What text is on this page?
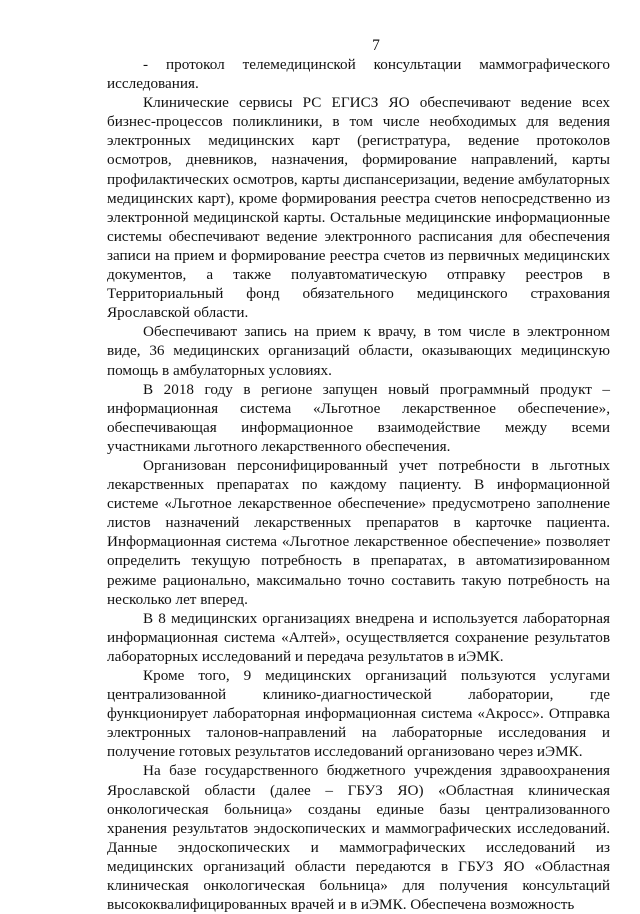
7

- протокол телемедицинской консультации маммографического исследования.

Клинические сервисы РС ЕГИСЗ ЯО обеспечивают ведение всех бизнес-процессов поликлиники, в том числе необходимых для ведения электронных медицинских карт (регистратура, ведение протоколов осмотров, дневников, назначения, формирование направлений, карты профилактических осмотров, карты диспансеризации, ведение амбулаторных медицинских карт), кроме формирования реестра счетов непосредственно из электронной медицинской карты. Остальные медицинские информационные системы обеспечивают ведение электронного расписания для обеспечения записи на прием и формирование реестра счетов из первичных медицинских документов, а также полуавтоматическую отправку реестров в Территориальный фонд обязательного медицинского страхования Ярославской области.

Обеспечивают запись на прием к врачу, в том числе в электронном виде, 36 медицинских организаций области, оказывающих медицинскую помощь в амбулаторных условиях.

В 2018 году в регионе запущен новый программный продукт – информационная система «Льготное лекарственное обеспечение», обеспечивающая информационное взаимодействие между всеми участниками льготного лекарственного обеспечения.

Организован персонифицированный учет потребности в льготных лекарственных препаратах по каждому пациенту. В информационной системе «Льготное лекарственное обеспечение» предусмотрено заполнение листов назначений лекарственных препаратов в карточке пациента. Информационная система «Льготное лекарственное обеспечение» позволяет определить текущую потребность в препаратах, в автоматизированном режиме рационально, максимально точно составить такую потребность на несколько лет вперед.

В 8 медицинских организациях внедрена и используется лабораторная информационная система «Алтей», осуществляется сохранение результатов лабораторных исследований и передача результатов в иЭМК.

Кроме того, 9 медицинских организаций пользуются услугами централизованной клинико-диагностической лаборатории, где функционирует лабораторная информационная система «Акросс». Отправка электронных талонов-направлений на лабораторные исследования и получение готовых результатов исследований организовано через иЭМК.

На базе государственного бюджетного учреждения здравоохранения Ярославской области (далее – ГБУЗ ЯО) «Областная клиническая онкологическая больница» созданы единые базы централизованного хранения результатов эндоскопических и маммографических исследований. Данные эндоскопических и маммографических исследований из медицинских организаций области передаются в ГБУЗ ЯО «Областная клиническая онкологическая больница» для получения консультаций высококвалифицированных врачей и в иЭМК. Обеспечена возможность
